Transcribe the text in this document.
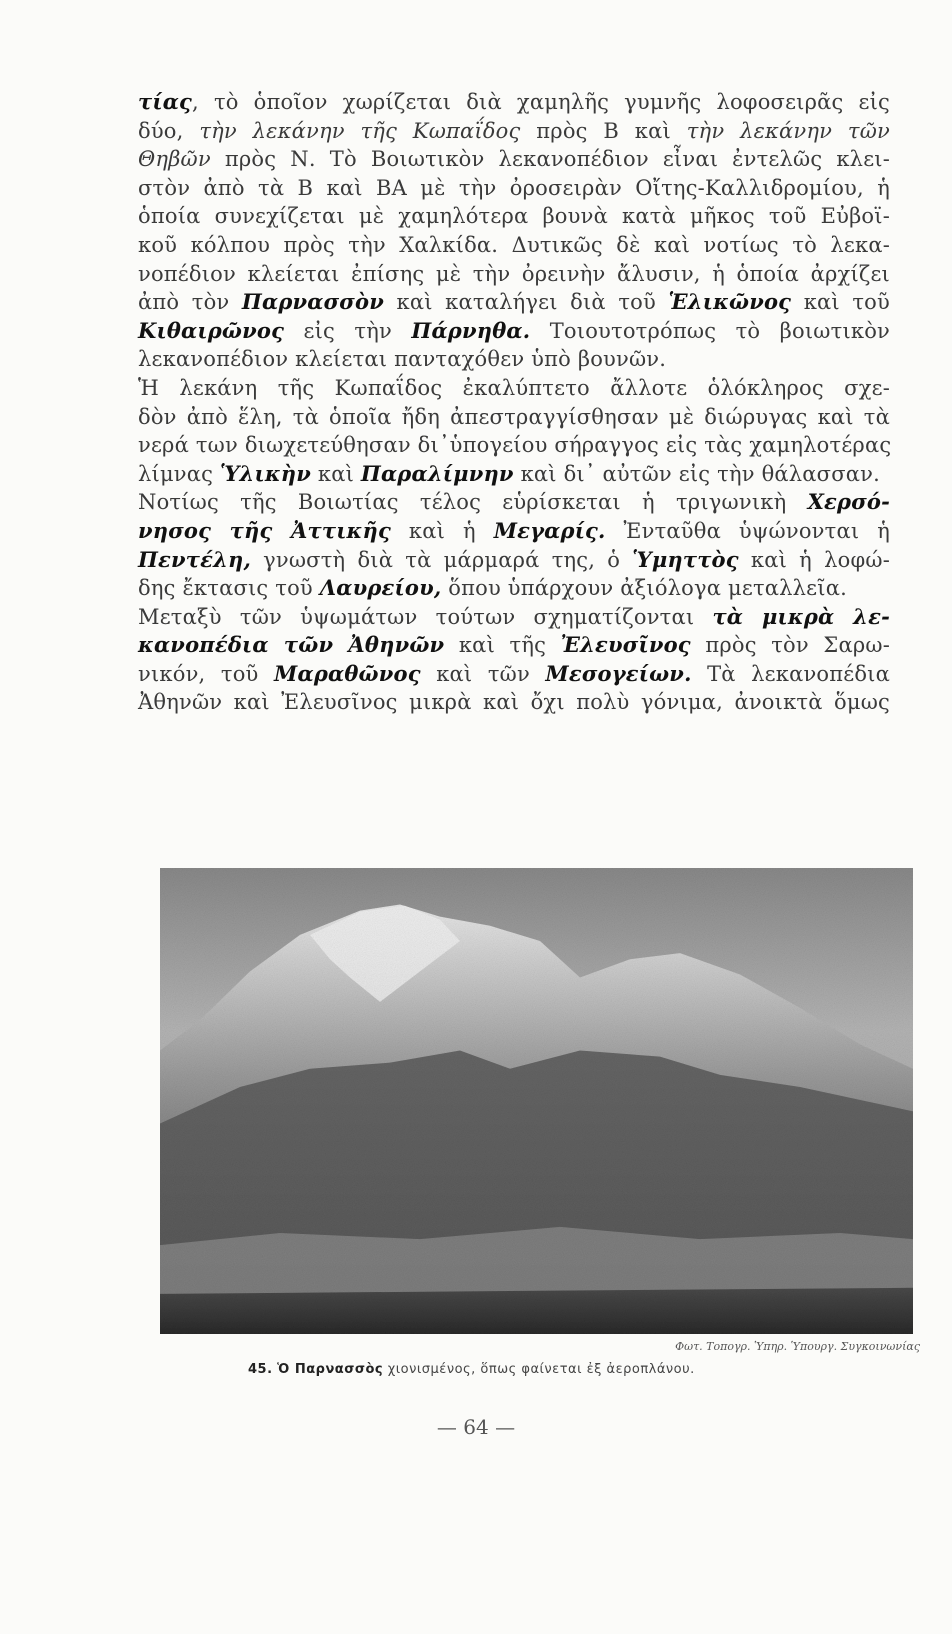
τίας, τὸ ὁποῖον χωρίζεται διὰ χαμηλῆς γυμνῆς λοφοσειρᾶς εἰς
δύο, τὴν λεκάνην τῆς Κωπαΐδος πρὸς Β καὶ τὴν λεκάνην τῶν
Θηβῶν πρὸς Ν. Τὸ Βοιωτικὸν λεκανοπέδιον εἶναι ἐντελῶς κλει-
στὸν ἀπὸ τὰ Β καὶ ΒΑ μὲ τὴν ὀροσειρὰν Οἴτης-Καλλιδρομίου, ἡ
ὁποία συνεχίζεται μὲ χαμηλότερα βουνὰ κατὰ μῆκος τοῦ Εὐβοϊ-
κοῦ κόλπου πρὸς τὴν Χαλκίδα. Δυτικῶς δὲ καὶ νοτίως τὸ λεκα-
νοπέδιον κλείεται ἐπίσης μὲ τὴν ὀρεινὴν ἄλυσιν, ἡ ὁποία ἀρχίζει
ἀπὸ τὸν Παρνασσὸν καὶ καταλήγει διὰ τοῦ Ἑλικῶνος καὶ τοῦ
Κιθαιρῶνος εἰς τὴν Πάρνηθα. Τοιουτοτρόπως τὸ βοιωτικὸν
λεκανοπέδιον κλείεται πανταχόθεν ὑπὸ βουνῶν.
Ἡ λεκάνη τῆς Κωπαΐδος ἐκαλύπτετο ἄλλοτε ὁλόκληρος σχε-
δὸν ἀπὸ ἕλη, τὰ ὁποῖα ἤδη ἀπεστραγγίσθησαν μὲ διώρυγας καὶ τὰ
νερά των διωχετεύθησαν δι᾿ὑπογείου σήραγγος εἰς τὰς χαμηλοτέρας
λίμνας Ὑλικὴν καὶ Παραλίμνην καὶ δι᾿ αὐτῶν εἰς τὴν θάλασσαν.
Νοτίως τῆς Βοιωτίας τέλος εὑρίσκεται ἡ τριγωνικὴ Χερσό-
νησος τῆς Ἀττικῆς καὶ ἡ Μεγαρίς. Ἐνταῦθα ὑψώνονται ἡ
Πεντέλη, γνωστὴ διὰ τὰ μάρμαρά της, ὁ Ὑμηττὸς καὶ ἡ λοφώ-
δης ἔκτασις τοῦ Λαυρείου, ὅπου ὑπάρχουν ἀξιόλογα μεταλλεῖα.
Μεταξὺ τῶν ὑψωμάτων τούτων σχηματίζονται τὰ μικρὰ λε-
κανοπέδια τῶν Ἀθηνῶν καὶ τῆς Ἐλευσῖνος πρὸς τὸν Σαρω-
νικόν, τοῦ Μαραθῶνος καὶ τῶν Μεσογείων. Τὰ λεκανοπέδια
Ἀθηνῶν καὶ Ἐλευσῖνος μικρὰ καὶ ὄχι πολὺ γόνιμα, ἀνοικτὰ ὅμως
Φωτ. Τοπογρ. Ὑπηρ. Ὑπουργ. Συγκοινωνίας
45. Ὁ Παρνασσὸς χιονισμένος, ὅπως φαίνεται ἐξ ἀεροπλάνου.
— 64 —
